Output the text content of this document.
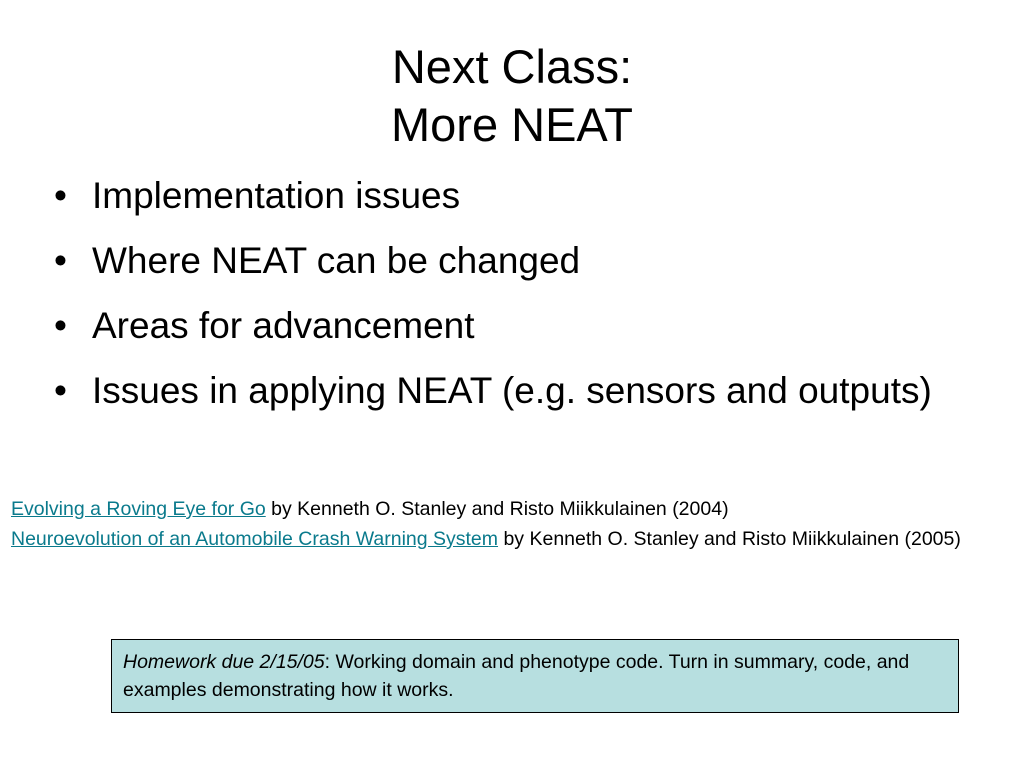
Next Class:
More NEAT
• Implementation issues
• Where NEAT can be changed
• Areas for advancement
• Issues in applying NEAT (e.g. sensors and outputs)
Evolving a Roving Eye for Go by Kenneth O. Stanley and Risto Miikkulainen (2004)
Neuroevolution of an Automobile Crash Warning System by Kenneth O. Stanley and Risto Miikkulainen (2005)
Homework due 2/15/05: Working domain and phenotype code. Turn in summary, code, and examples demonstrating how it works.
